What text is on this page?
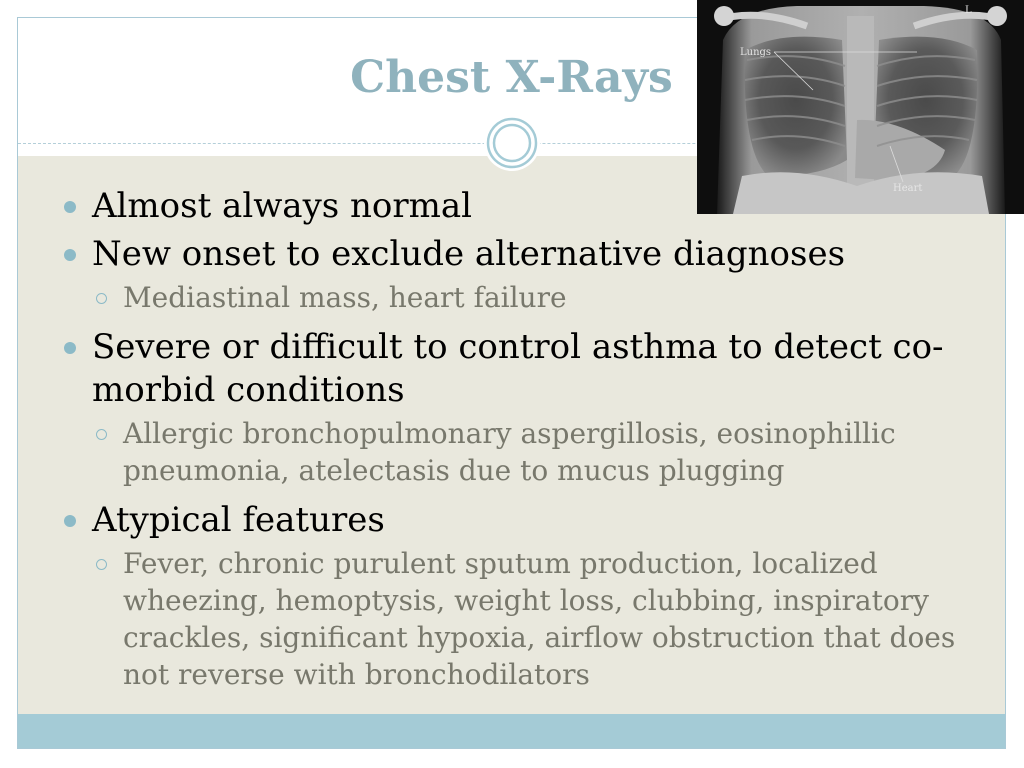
Chest X-Rays	Lungs
Heart
L
Almost always normal
New onset to exclude alternative diagnoses
Mediastinal mass, heart failure
Severe or difficult to control asthma to detect co-morbid conditions
Allergic bronchopulmonary aspergillosis, eosinophillic pneumonia, atelectasis due to mucus plugging
Atypical features
Fever, chronic purulent sputum production, localized wheezing, hemoptysis, weight loss, clubbing, inspiratory crackles, significant hypoxia, airflow obstruction that does not reverse with bronchodilators
